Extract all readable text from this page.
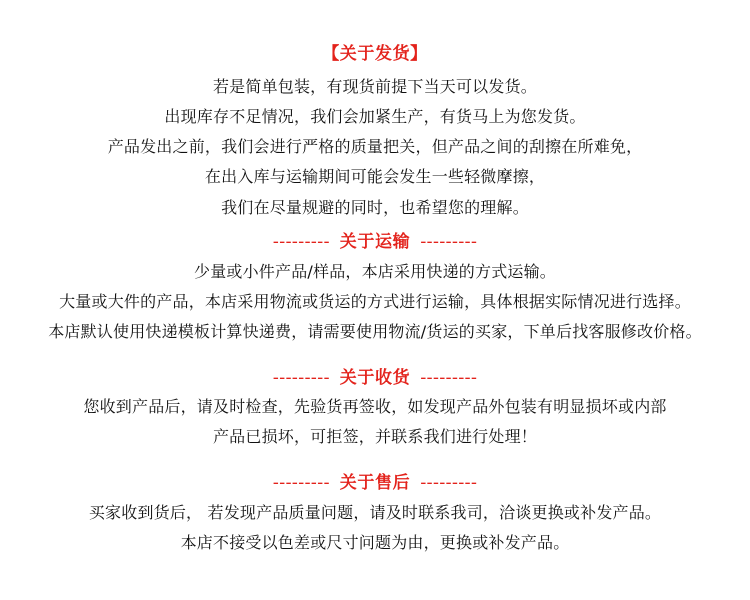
【关于发货】
若是简单包装，有现货前提下当天可以发货。
出现库存不足情况，我们会加紧生产，有货马上为您发货。
产品发出之前，我们会进行严格的质量把关，但产品之间的刮擦在所难免，
在出入库与运输期间可能会发生一些轻微摩擦，
我们在尽量规避的同时，也希望您的理解。
--------- 关于运输 ---------
少量或小件产品/样品，本店采用快递的方式运输。
大量或大件的产品，本店采用物流或货运的方式进行运输，具体根据实际情况进行选择。
本店默认使用快递模板计算快递费，请需要使用物流/货运的买家，下单后找客服修改价格。
--------- 关于收货 ---------
您收到产品后，请及时检查，先验货再签收，如发现产品外包装有明显损坏或内部
产品已损坏，可拒签，并联系我们进行处理！
--------- 关于售后 ---------
买家收到货后， 若发现产品质量问题，请及时联系我司，洽谈更换或补发产品。
本店不接受以色差或尺寸问题为由，更换或补发产品。
